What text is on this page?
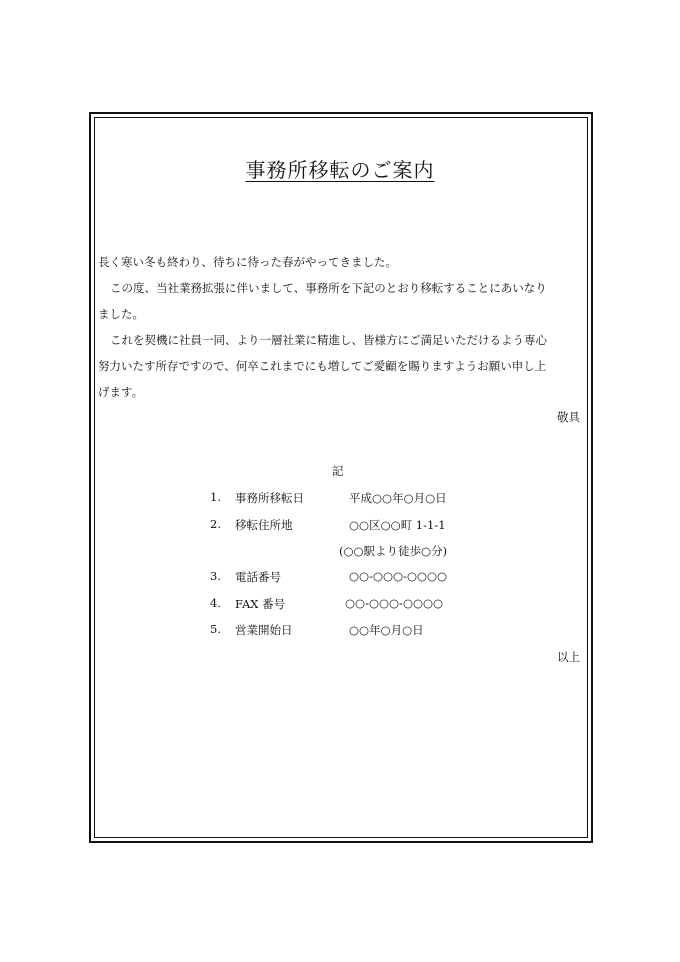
事務所移転のご案内

長く寒い冬も終わり、待ちに待った春がやってきました。

この度、当社業務拡張に伴いまして、事務所を下記のとおり移転することにあいなり

ました。

これを契機に社員一同、より一層社業に精進し、皆様方にご満足いただけるよう専心

努力いたす所存ですので、何卒これまでにも増してご愛顧を賜りますようお願い申し上

げます。

敬具
記
1. 事務所移転日	平成○○年○月○日
2. 移転住所地	○○区○○町 1-1-1
(○○駅より徒歩○分)
3. 電話番号	○○-○○○-○○○○
4. FAX 番号	○○-○○○-○○○○
5. 営業開始日	○○年○月○日
以上
